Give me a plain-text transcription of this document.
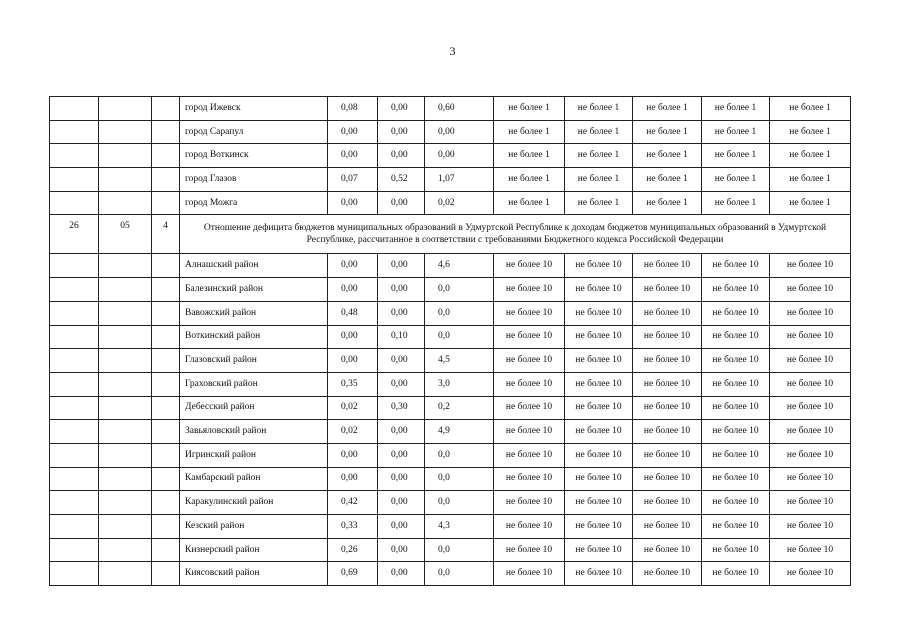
3
			город Ижевск	0,08	0,00	0,60	не более 1	не более 1	не более 1	не более 1	не более 1
			город Сарапул	0,00	0,00	0,00	не более 1	не более 1	не более 1	не более 1	не более 1
			город Воткинск	0,00	0,00	0,00	не более 1	не более 1	не более 1	не более 1	не более 1
			город Глазов	0,07	0,52	1,07	не более 1	не более 1	не более 1	не более 1	не более 1
			город Можга	0,00	0,00	0,02	не более 1	не более 1	не более 1	не более 1	не более 1
26	05	4	Отношение дефицита бюджетов муниципальных образований в Удмуртской Республике к доходам бюджетов муниципальных образований в Удмуртской Республике, рассчитанное в соответствии с требованиями Бюджетного кодекса Российской Федерации								
			Алнашский район	0,00	0,00	4,6	не более 10	не более 10	не более 10	не более 10	не более 10
			Балезинский район	0,00	0,00	0,0	не более 10	не более 10	не более 10	не более 10	не более 10
			Вавожский район	0,48	0,00	0,0	не более 10	не более 10	не более 10	не более 10	не более 10
			Воткинский район	0,00	0,10	0,0	не более 10	не более 10	не более 10	не более 10	не более 10
			Глазовский район	0,00	0,00	4,5	не более 10	не более 10	не более 10	не более 10	не более 10
			Граховский район	0,35	0,00	3,0	не более 10	не более 10	не более 10	не более 10	не более 10
			Дебесский район	0,02	0,30	0,2	не более 10	не более 10	не более 10	не более 10	не более 10
			Завьяловский район	0,02	0,00	4,9	не более 10	не более 10	не более 10	не более 10	не более 10
			Игринский район	0,00	0,00	0,0	не более 10	не более 10	не более 10	не более 10	не более 10
			Камбарский район	0,00	0,00	0,0	не более 10	не более 10	не более 10	не более 10	не более 10
			Каракулинский район	0,42	0,00	0,0	не более 10	не более 10	не более 10	не более 10	не более 10
			Кезский район	0,33	0,00	4,3	не более 10	не более 10	не более 10	не более 10	не более 10
			Кизнерский район	0,26	0,00	0,0	не более 10	не более 10	не более 10	не более 10	не более 10
			Киясовский район	0,69	0,00	0,0	не более 10	не более 10	не более 10	не более 10	не более 10
